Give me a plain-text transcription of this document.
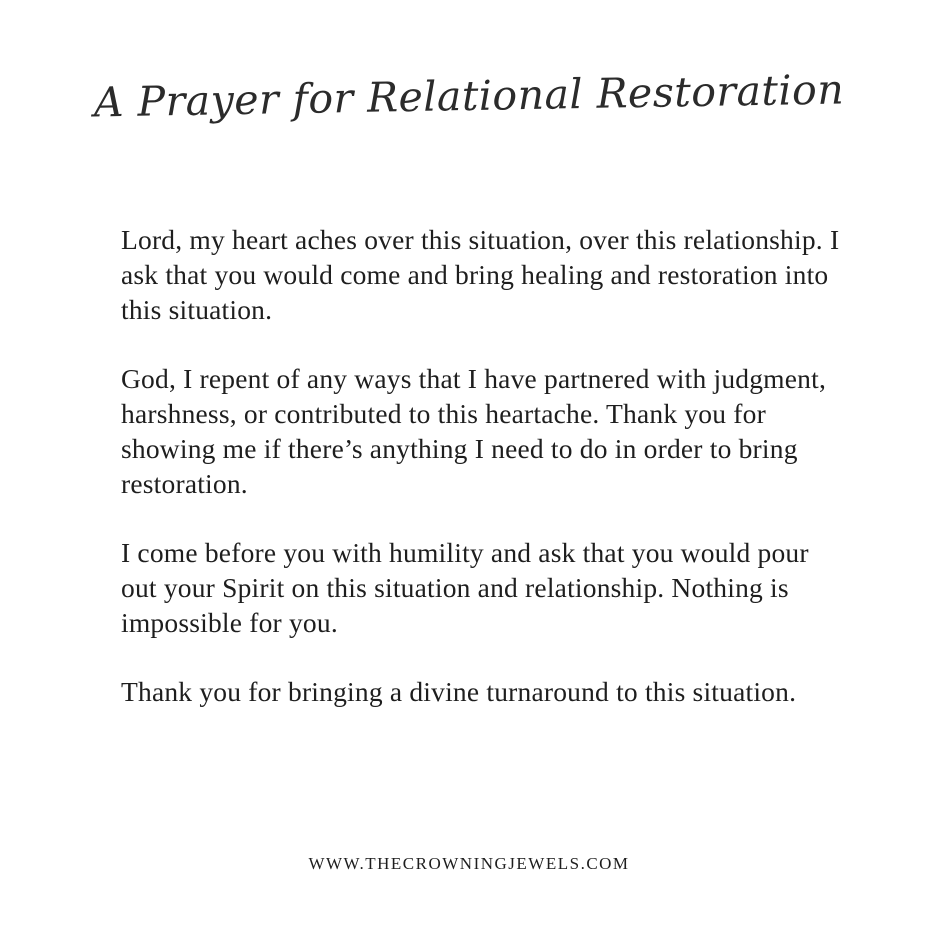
A Prayer for Relational Restoration

Lord, my heart aches over this situation, over this relationship. I ask that you would come and bring healing and restoration into this situation.

God, I repent of any ways that I have partnered with judgment, harshness, or contributed to this heartache. Thank you for showing me if there’s anything I need to do in order to bring restoration.

I come before you with humility and ask that you would pour out your Spirit on this situation and relationship. Nothing is impossible for you.

Thank you for bringing a divine turnaround to this situation.

WWW.THECROWNINGJEWELS.COM
